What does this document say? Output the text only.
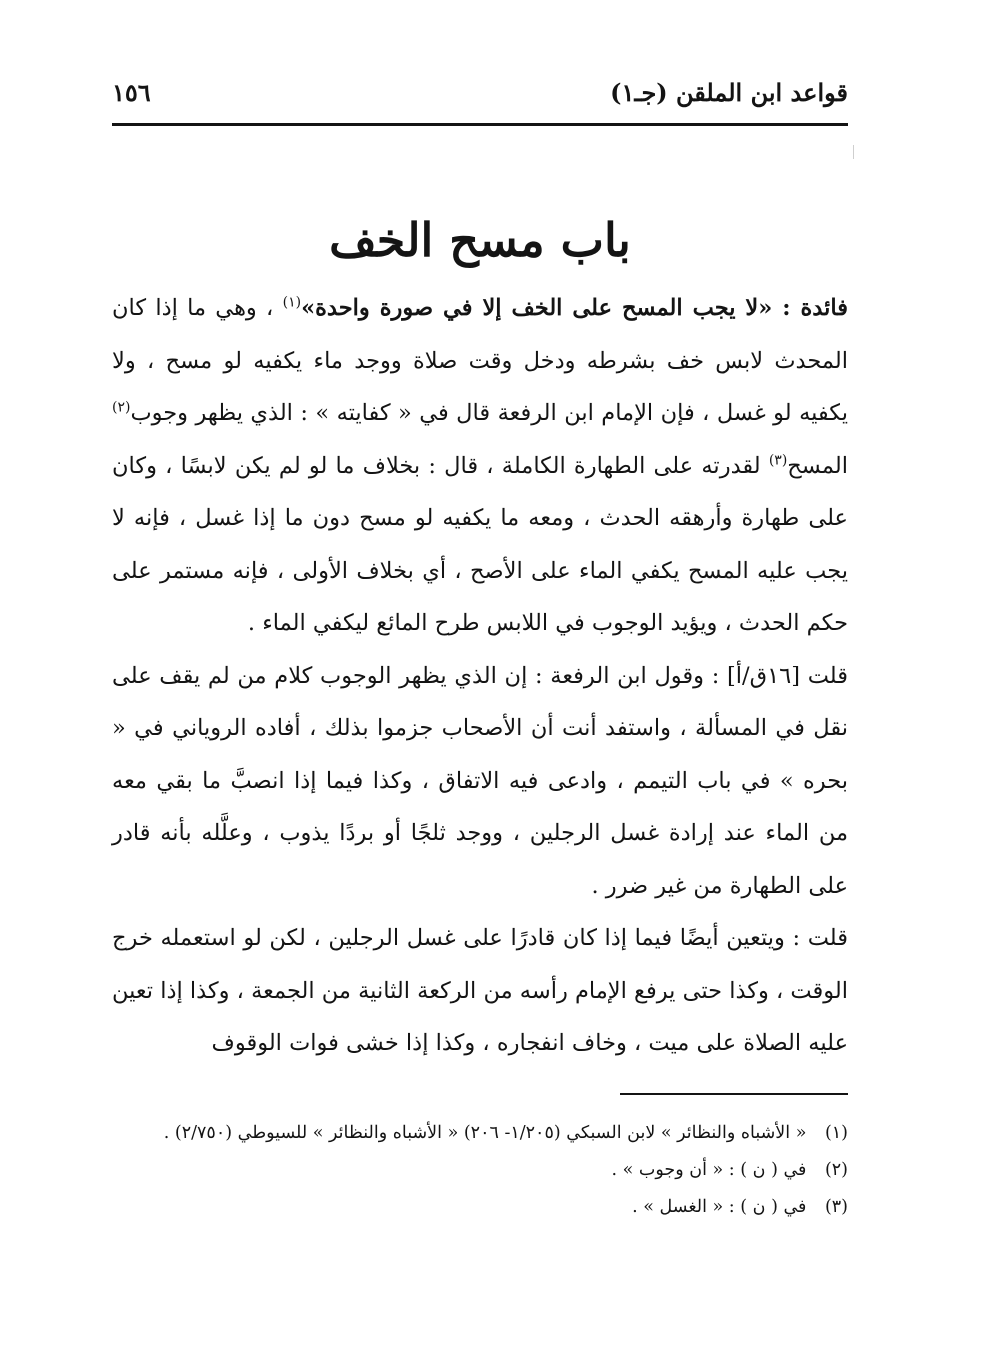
قواعد ابن الملقن (جـ١)
١٥٦
باب مسح الخف

فائدة : «لا يجب المسح على الخف إلا في صورة واحدة»$^{(١)}$ ، وهي ما إذا كان المحدث لابس خف بشرطه ودخل وقت صلاة ووجد ماء يكفيه لو مسح ، ولا يكفيه لو غسل ، فإن الإمام ابن الرفعة قال في « كفايته » : الذي يظهر وجوب$^{(٢)}$ المسح$^{(٣)}$ لقدرته على الطهارة الكاملة ، قال : بخلاف ما لو لم يكن لابسًا ، وكان على طهارة وأرهقه الحدث ، ومعه ما يكفيه لو مسح دون ما إذا غسل ، فإنه لا يجب عليه المسح يكفي الماء على الأصح ، أي بخلاف الأولى ، فإنه مستمر على حكم الحدث ، ويؤيد الوجوب في اللابس طرح المائع ليكفي الماء .

قلت [١٦ق/أ] : وقول ابن الرفعة : إن الذي يظهر الوجوب كلام من لم يقف على نقل في المسألة ، واستفد أنت أن الأصحاب جزموا بذلك ، أفاده الروياني في « بحره » في باب التيمم ، وادعى فيه الاتفاق ، وكذا فيما إذا انصبَّ ما بقي معه من الماء عند إرادة غسل الرجلين ، ووجد ثلجًا أو بردًا يذوب ، وعلَّله بأنه قادر على الطهارة من غير ضرر .

قلت : ويتعين أيضًا فيما إذا كان قادرًا على غسل الرجلين ، لكن لو استعمله خرج الوقت ، وكذا حتى يرفع الإمام رأسه من الركعة الثانية من الجمعة ، وكذا إذا تعين عليه الصلاة على ميت ، وخاف انفجاره ، وكذا إذا خشى فوات الوقوف

(١) « الأشباه والنظائر » لابن السبكي (١/٢٠٥- ٢٠٦) « الأشباه والنظائر » للسيوطي (٢/٧٥٠) .

(٢) في ( ن ) : « أن وجوب » .

(٣) في ( ن ) : « الغسل » .
